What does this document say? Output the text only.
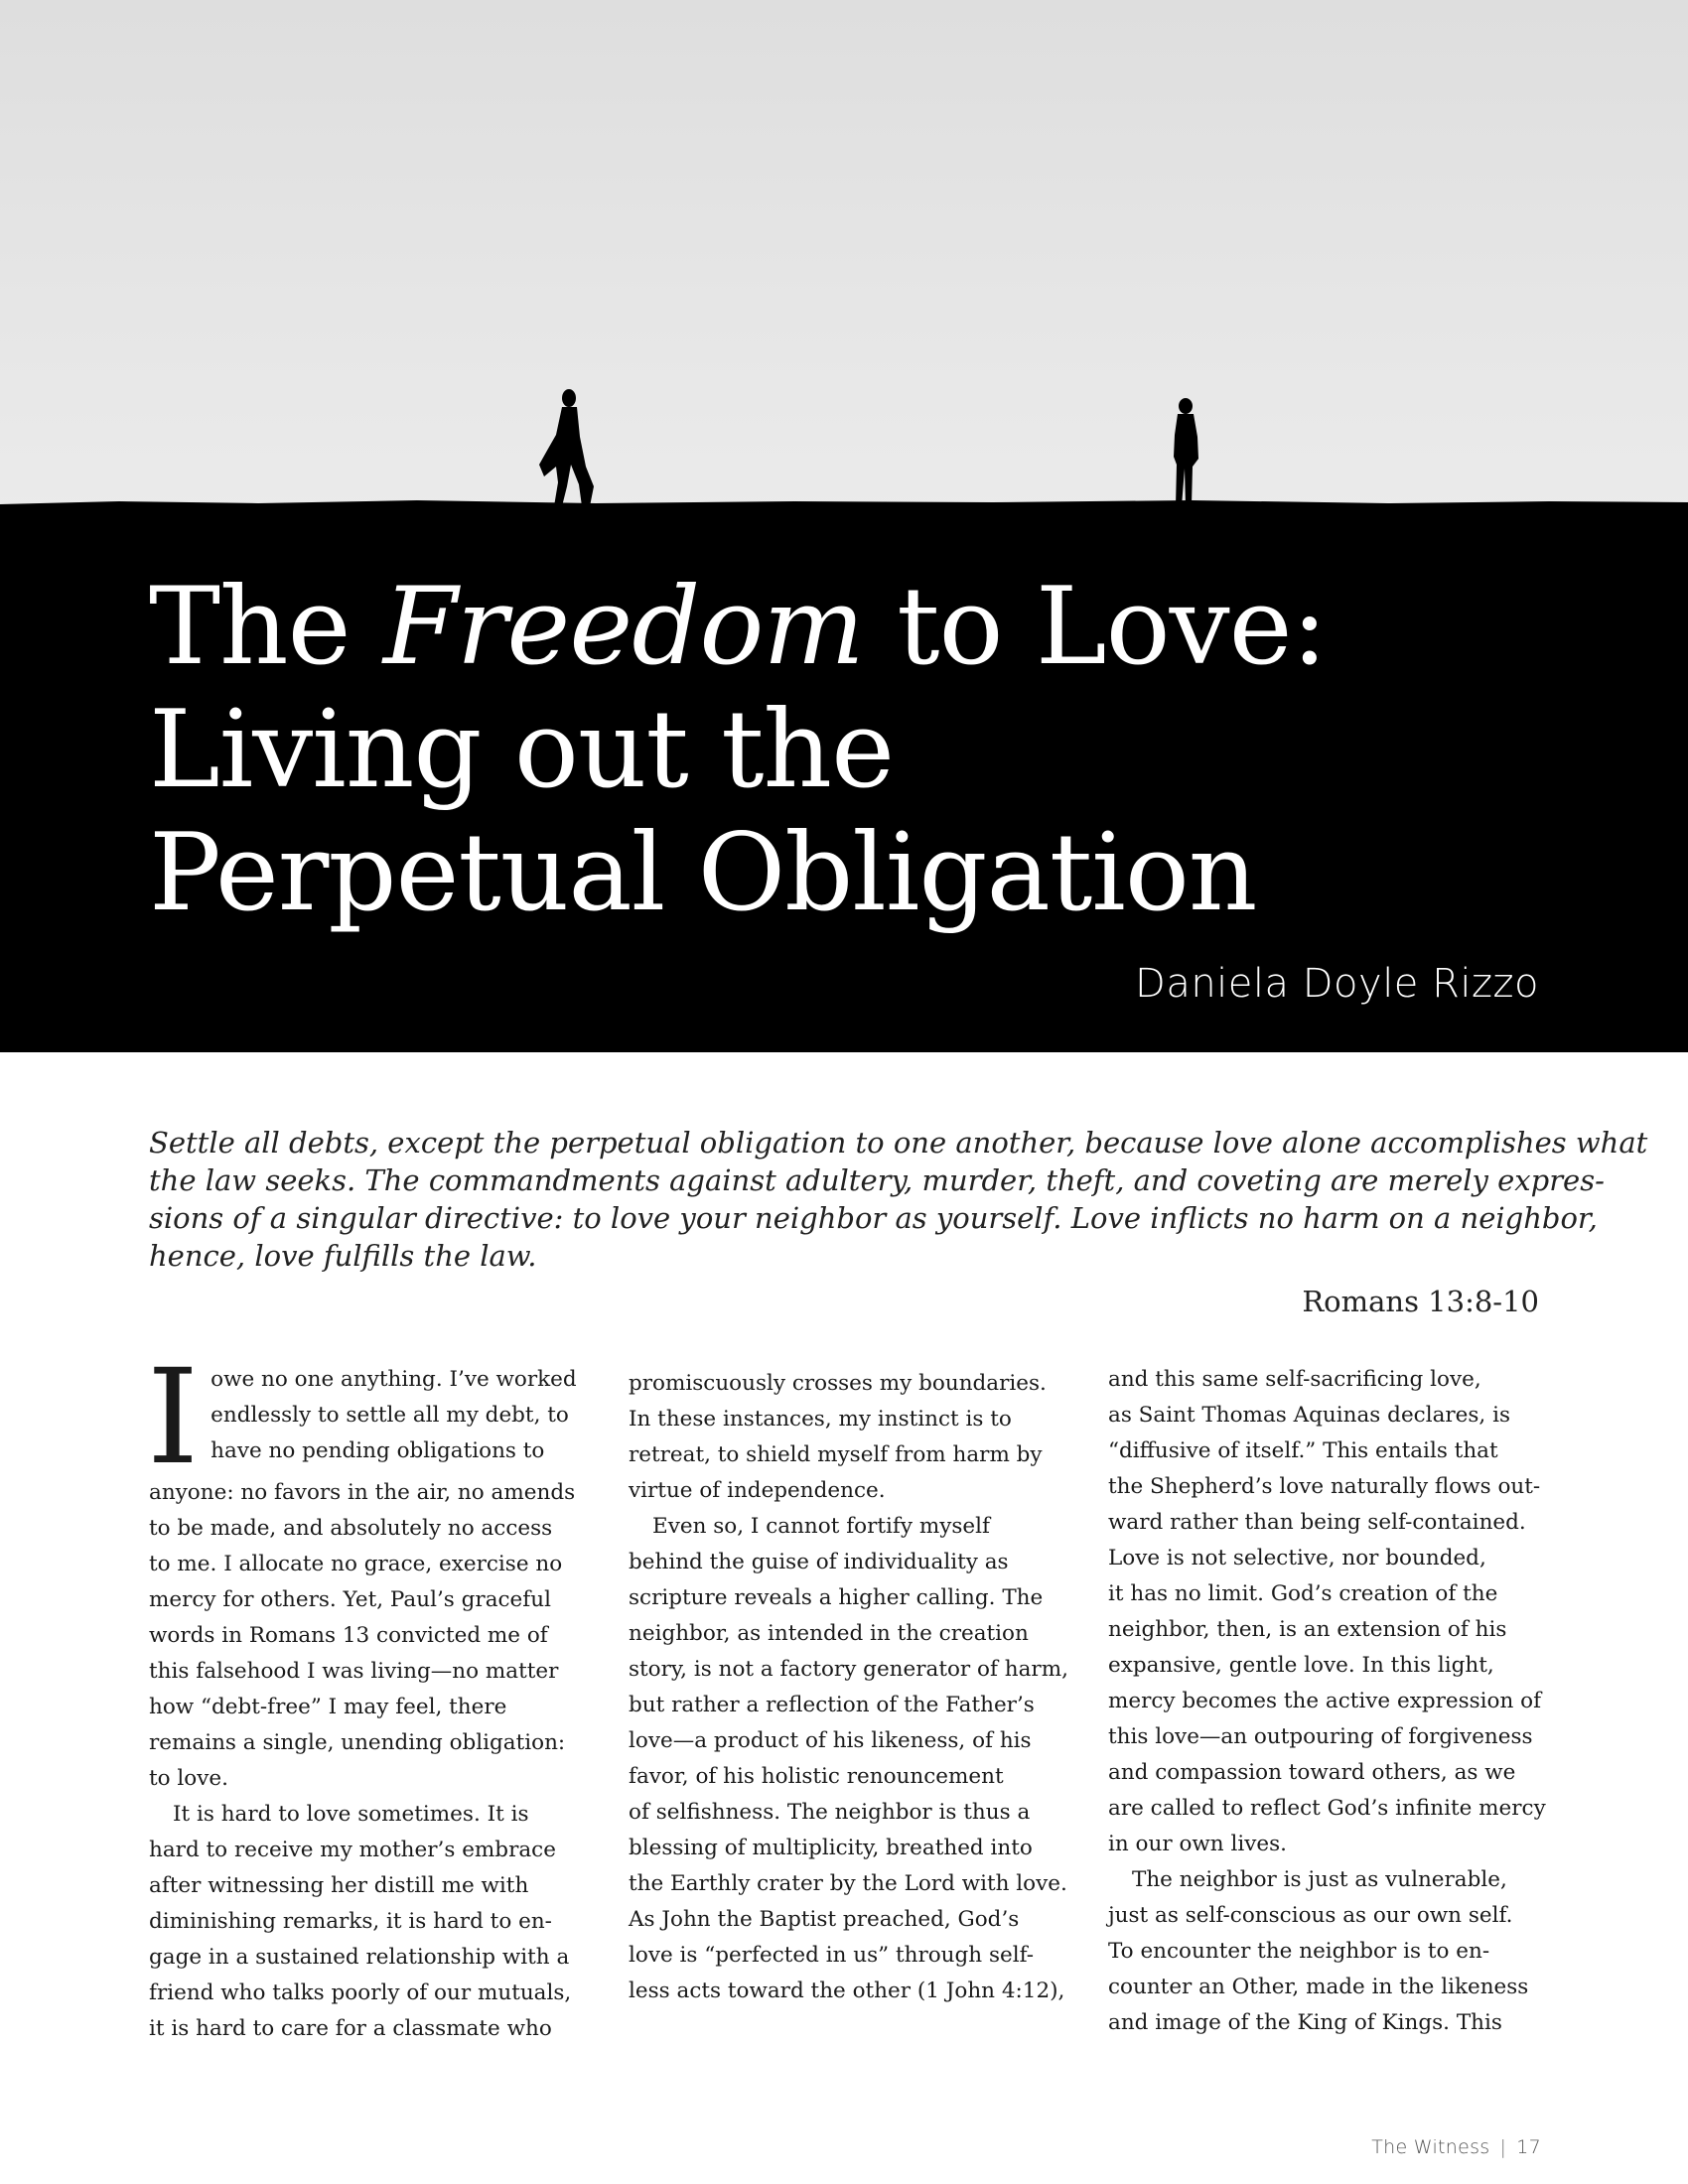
The Freedom to Love:
Living out the
Perpetual Obligation
Daniela Doyle Rizzo

Settle all debts, except the perpetual obligation to one another, because love alone accomplishes what
the law seeks. The commandments against adultery, murder, theft, and coveting are merely expres-
sions of a singular directive: to love your neighbor as yourself. Love inflicts no harm on a neighbor,
hence, love fulfills the law.

Romans 13:8-10
I owe no one anything. I’ve worked
endlessly to settle all my debt, to
have no pending obligations to
anyone: no favors in the air, no amends
to be made, and absolutely no access
to me. I allocate no grace, exercise no
mercy for others. Yet, Paul’s graceful
words in Romans 13 convicted me of
this falsehood I was living—no matter
how “debt-free” I may feel, there
remains a single, unending obligation:
to love.
It is hard to love sometimes. It is
hard to receive my mother’s embrace
after witnessing her distill me with
diminishing remarks, it is hard to en-
gage in a sustained relationship with a
friend who talks poorly of our mutuals,
it is hard to care for a classmate who
promiscuously crosses my boundaries.
In these instances, my instinct is to
retreat, to shield myself from harm by
virtue of independence.
Even so, I cannot fortify myself
behind the guise of individuality as
scripture reveals a higher calling. The
neighbor, as intended in the creation
story, is not a factory generator of harm,
but rather a reflection of the Father’s
love—a product of his likeness, of his
favor, of his holistic renouncement
of selfishness. The neighbor is thus a
blessing of multiplicity, breathed into
the Earthly crater by the Lord with love.
As John the Baptist preached, God’s
love is “perfected in us” through self-
less acts toward the other (1 John 4:12),
and this same self-sacrificing love,
as Saint Thomas Aquinas declares, is
“diffusive of itself.” This entails that
the Shepherd’s love naturally flows out-
ward rather than being self-contained.
Love is not selective, nor bounded,
it has no limit. God’s creation of the
neighbor, then, is an extension of his
expansive, gentle love. In this light,
mercy becomes the active expression of
this love—an outpouring of forgiveness
and compassion toward others, as we
are called to reflect God’s infinite mercy
in our own lives.
The neighbor is just as vulnerable,
just as self-conscious as our own self.
To encounter the neighbor is to en-
counter an Other, made in the likeness
and image of the King of Kings. This
The Witness | 17
